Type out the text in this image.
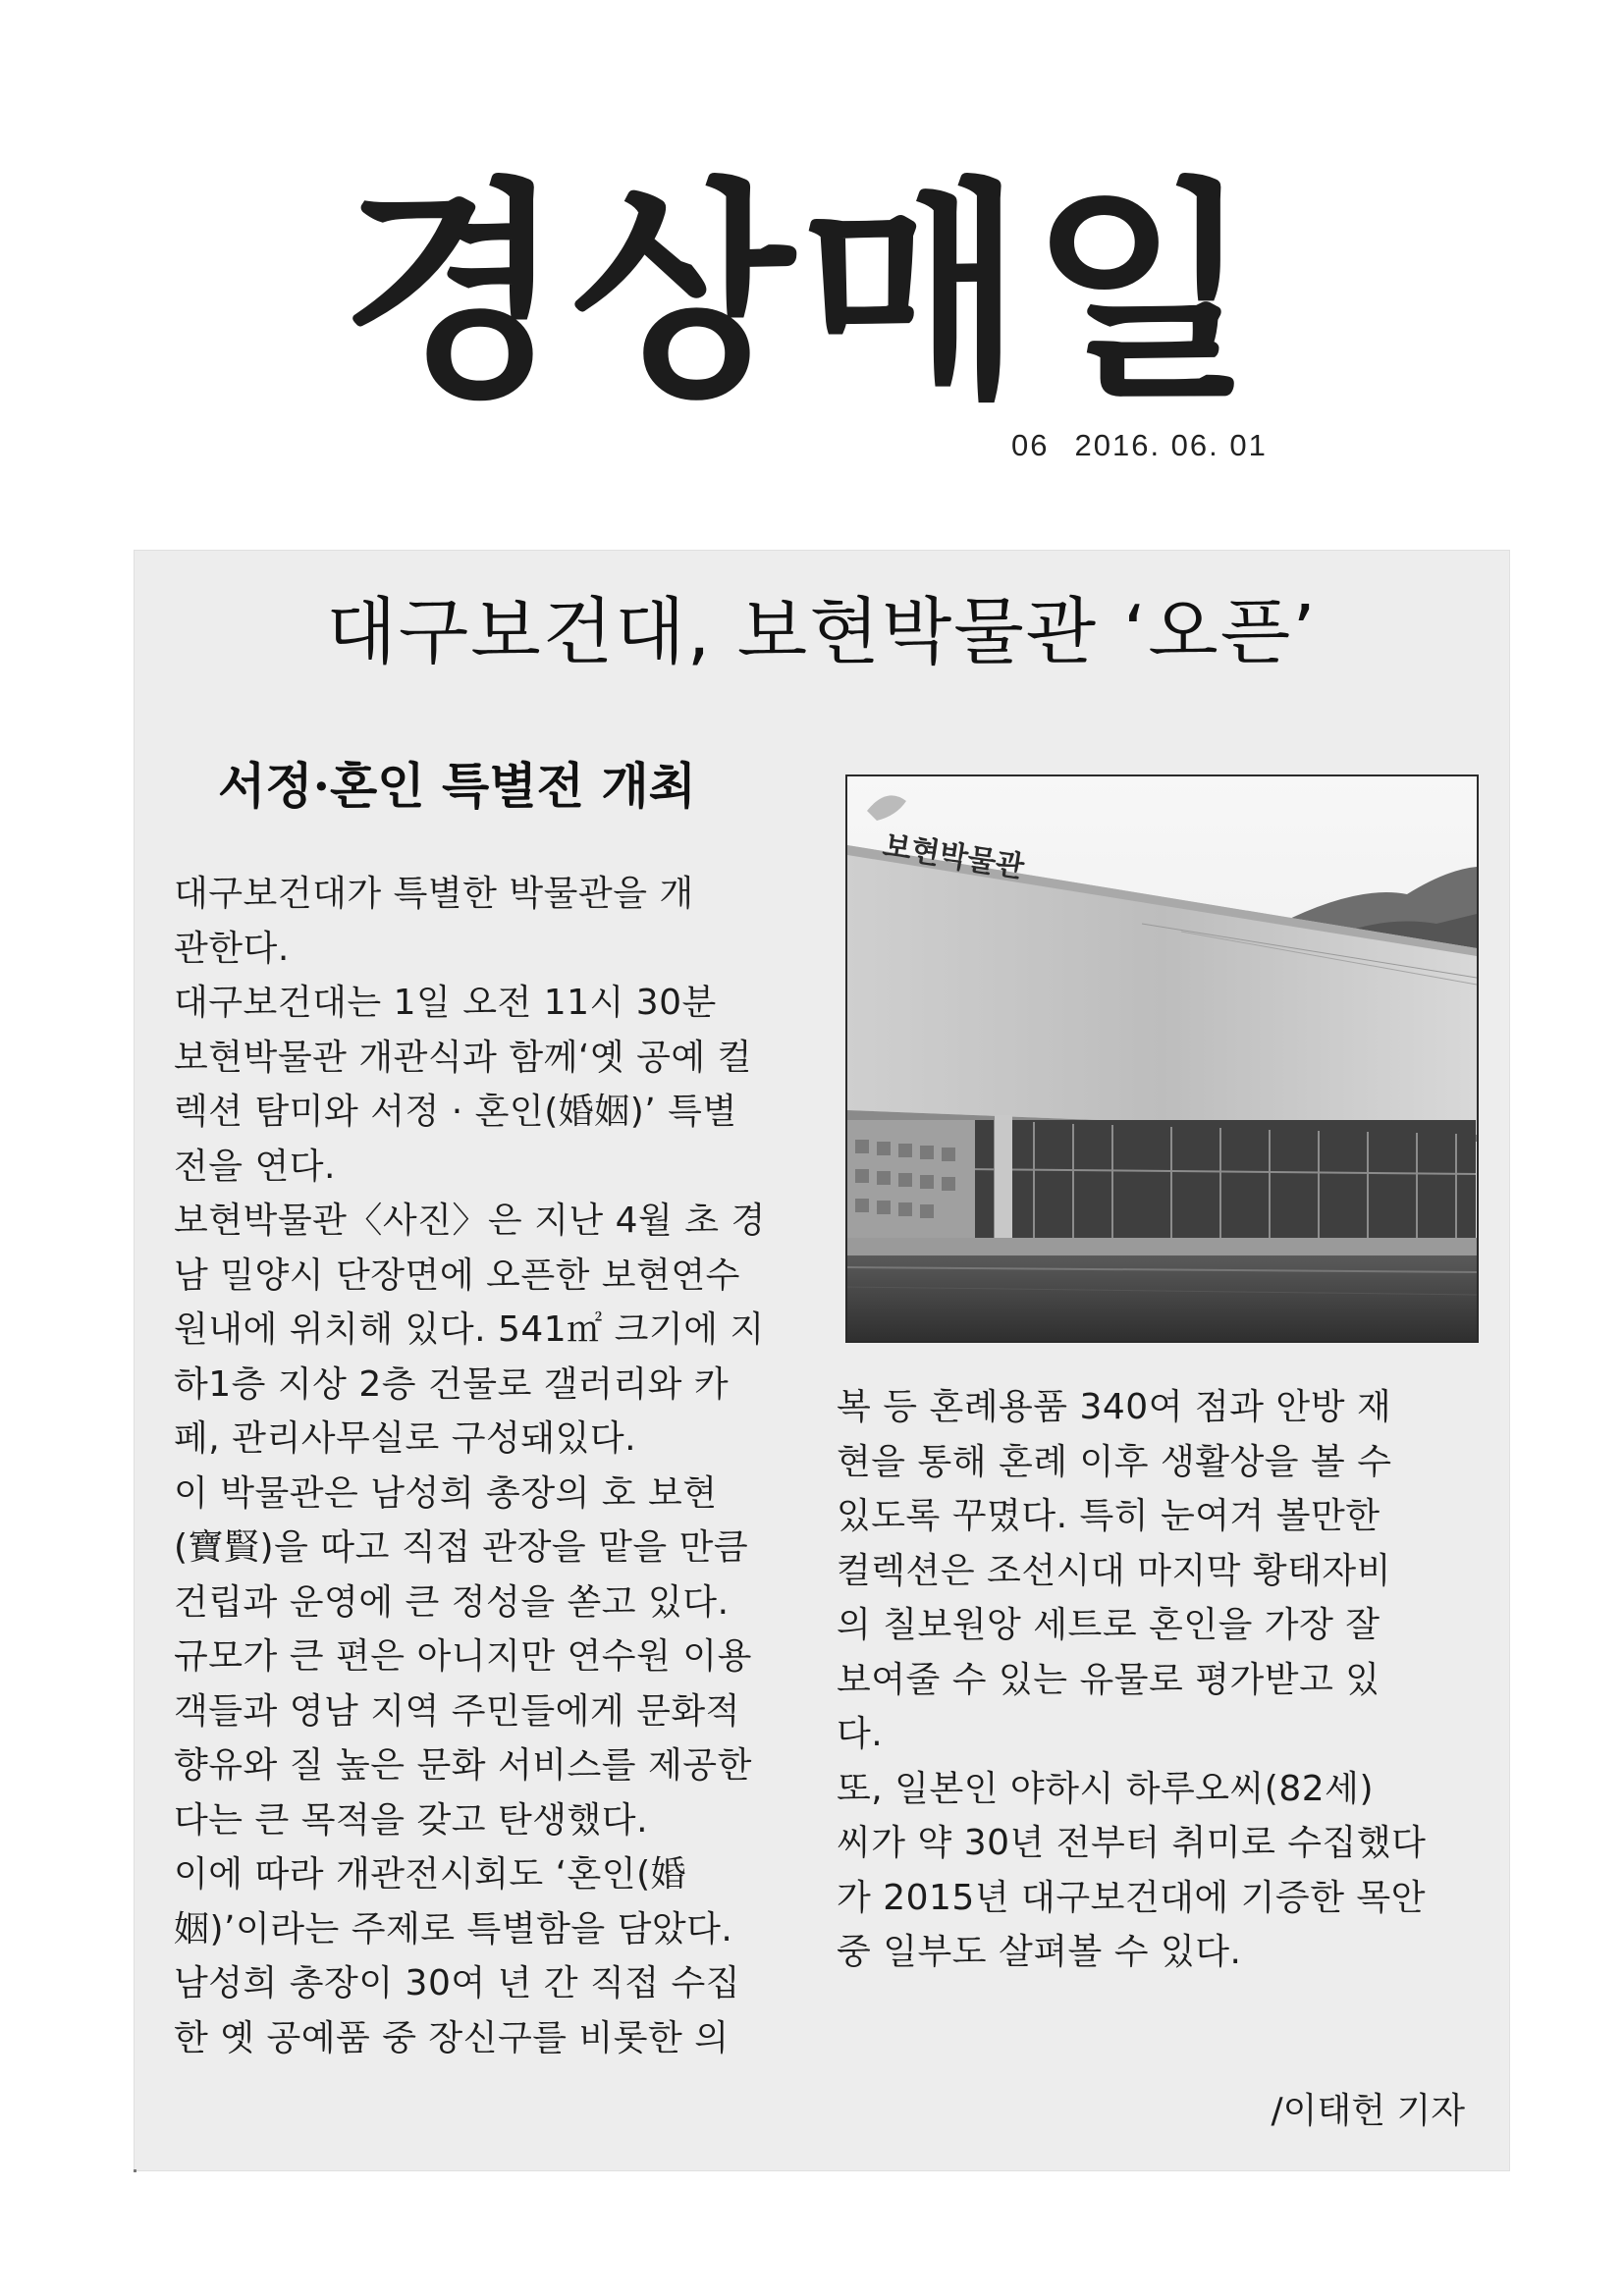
경상매일
06 2016. 06. 01
대구보건대, 보현박물관 ‘오픈’
서정·혼인 특별전 개최
대구보건대가 특별한 박물관을 개
관한다.
대구보건대는 1일 오전 11시 30분
보현박물관 개관식과 함께‘옛 공예 컬
렉션 탐미와 서정 · 혼인(婚姻)’ 특별
전을 연다.
보현박물관〈사진〉은 지난 4월 초 경
남 밀양시 단장면에 오픈한 보현연수
원내에 위치해 있다. 541㎡ 크기에 지
하1층 지상 2층 건물로 갤러리와 카
페, 관리사무실로 구성돼있다.
이 박물관은 남성희 총장의 호 보현
(寶賢)을 따고 직접 관장을 맡을 만큼
건립과 운영에 큰 정성을 쏟고 있다.
규모가 큰 편은 아니지만 연수원 이용
객들과 영남 지역 주민들에게 문화적
향유와 질 높은 문화 서비스를 제공한
다는 큰 목적을 갖고 탄생했다.
이에 따라 개관전시회도 ‘혼인(婚
姻)’이라는 주제로 특별함을 담았다.
남성희 총장이 30여 년 간 직접 수집
한 옛 공예품 중 장신구를 비롯한 의
보현박물관
복 등 혼례용품 340여 점과 안방 재
현을 통해 혼례 이후 생활상을 볼 수
있도록 꾸몄다. 특히 눈여겨 볼만한
컬렉션은 조선시대 마지막 황태자비
의 칠보원앙 세트로 혼인을 가장 잘
보여줄 수 있는 유물로 평가받고 있
다.
또, 일본인 야하시 하루오씨(82세)
씨가 약 30년 전부터 취미로 수집했다
가 2015년 대구보건대에 기증한 목안
중 일부도 살펴볼 수 있다.
/이태헌 기자
